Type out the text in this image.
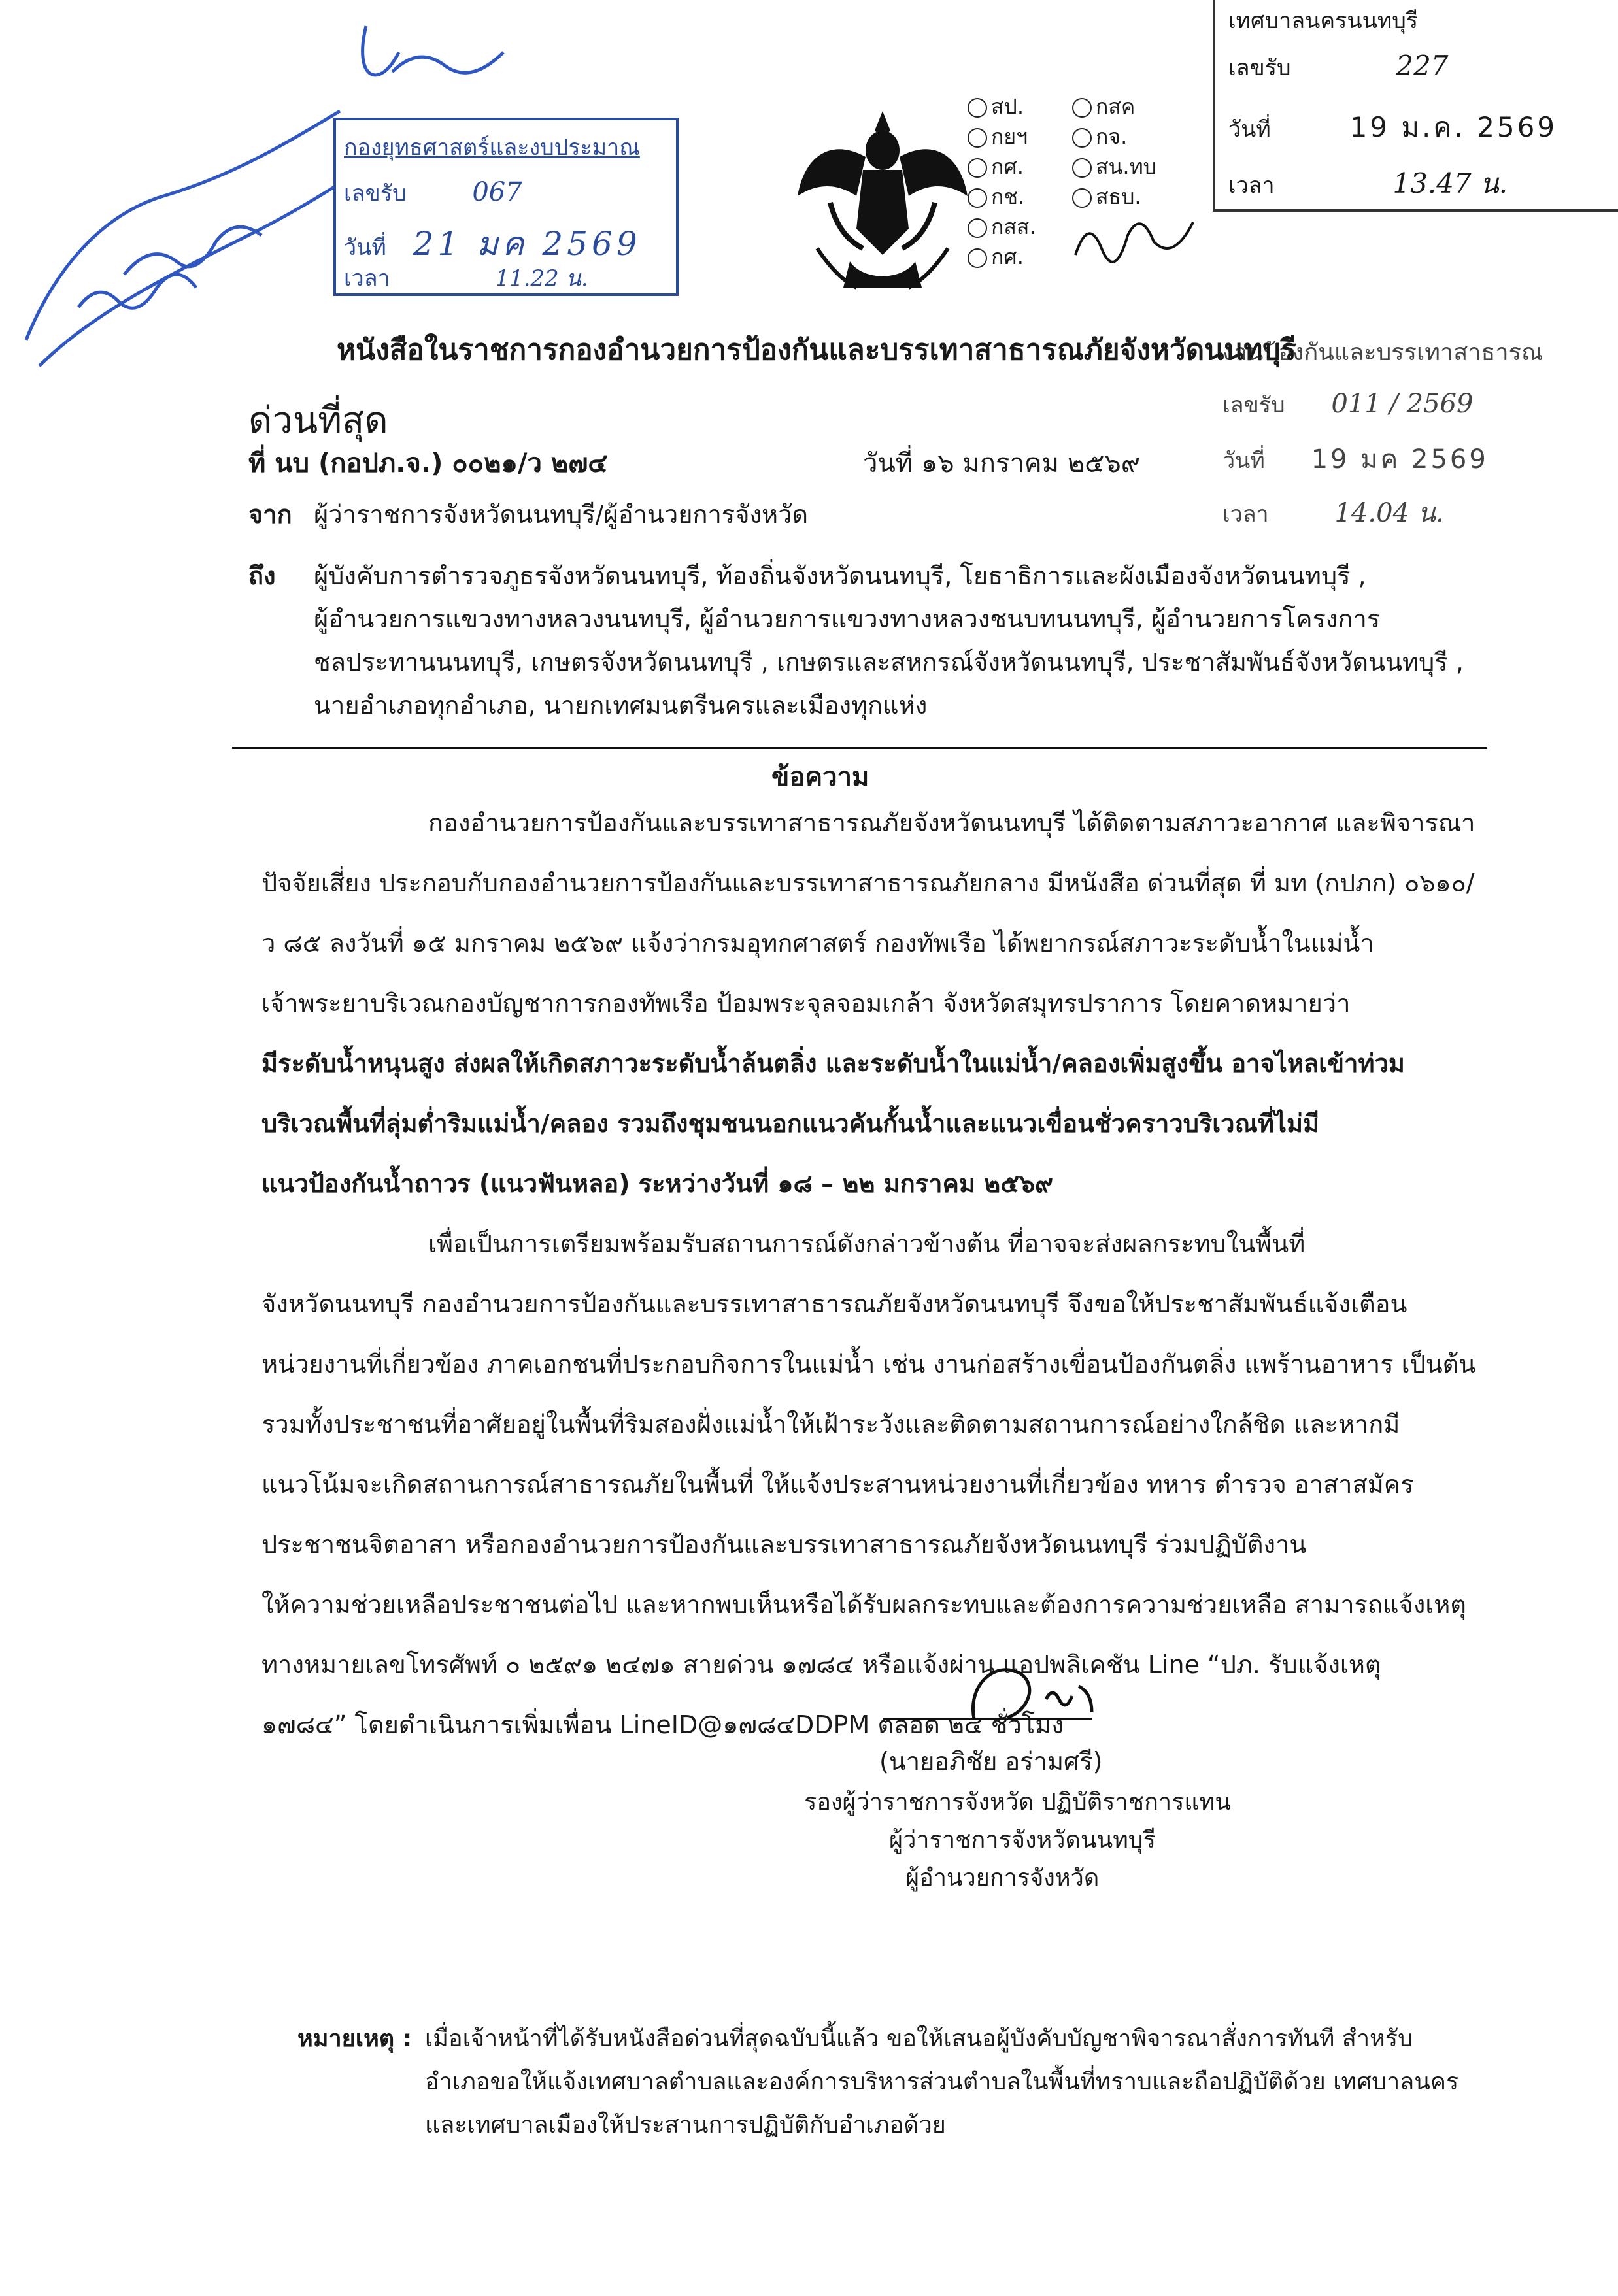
กองยุทธศาสตร์และงบประมาณ
เลขรับ	067
วันที่ 21 มค 2569
เวลา	11.22 น.
สป.
กยฯ
กศ.
กช.
กสส.
กศ.
กสค
กจ.
สน.ทบ
สธบ.
เทศบาลนครนนทบุรี
เลขรับ	227
วันที่	19 ม.ค. 2569
เวลา	13.47 น.
งานป้องกันและบรรเทาสาธารณ
เลขรับ 011 / 2569
วันที่ 19 มค 2569
เวลา	14.04 น.
หนังสือในราชการกองอำนวยการป้องกันและบรรเทาสาธารณภัยจังหวัดนนทบุรี
ด่วนที่สุด
ที่ นบ (กอปภ.จ.) ๐๐๒๑/ว ๒๗๔	วันที่ ๑๖ มกราคม ๒๕๖๙
จาก ผู้ว่าราชการจังหวัดนนทบุรี/ผู้อำนวยการจังหวัด
ถึง ผู้บังคับการตำรวจภูธรจังหวัดนนทบุรี, ท้องถิ่นจังหวัดนนทบุรี, โยธาธิการและผังเมืองจังหวัดนนทบุรี ,
ผู้อำนวยการแขวงทางหลวงนนทบุรี, ผู้อำนวยการแขวงทางหลวงชนบทนนทบุรี, ผู้อำนวยการโครงการ
ชลประทานนนทบุรี, เกษตรจังหวัดนนทบุรี , เกษตรและสหกรณ์จังหวัดนนทบุรี, ประชาสัมพันธ์จังหวัดนนทบุรี ,
นายอำเภอทุกอำเภอ, นายกเทศมนตรีนครและเมืองทุกแห่ง
ข้อความ
กองอำนวยการป้องกันและบรรเทาสาธารณภัยจังหวัดนนทบุรี ได้ติดตามสภาวะอากาศ และพิจารณา
ปัจจัยเสี่ยง ประกอบกับกองอำนวยการป้องกันและบรรเทาสาธารณภัยกลาง มีหนังสือ ด่วนที่สุด ที่ มท (กปภก) ๐๖๑๐/
ว ๘๕ ลงวันที่ ๑๕ มกราคม ๒๕๖๙ แจ้งว่ากรมอุทกศาสตร์ กองทัพเรือ ได้พยากรณ์สภาวะระดับน้ำในแม่น้ำ
เจ้าพระยาบริเวณกองบัญชาการกองทัพเรือ ป้อมพระจุลจอมเกล้า จังหวัดสมุทรปราการ โดยคาดหมายว่า
มีระดับน้ำหนุนสูง ส่งผลให้เกิดสภาวะระดับน้ำล้นตลิ่ง และระดับน้ำในแม่น้ำ/คลองเพิ่มสูงขึ้น อาจไหลเข้าท่วม
บริเวณพื้นที่ลุ่มต่ำริมแม่น้ำ/คลอง รวมถึงชุมชนนอกแนวคันกั้นน้ำและแนวเขื่อนชั่วคราวบริเวณที่ไม่มี
แนวป้องกันน้ำถาวร (แนวฟันหลอ) ระหว่างวันที่ ๑๘ – ๒๒ มกราคม ๒๕๖๙
เพื่อเป็นการเตรียมพร้อมรับสถานการณ์ดังกล่าวข้างต้น ที่อาจจะส่งผลกระทบในพื้นที่
จังหวัดนนทบุรี กองอำนวยการป้องกันและบรรเทาสาธารณภัยจังหวัดนนทบุรี จึงขอให้ประชาสัมพันธ์แจ้งเตือน
หน่วยงานที่เกี่ยวข้อง ภาคเอกชนที่ประกอบกิจการในแม่น้ำ เช่น งานก่อสร้างเขื่อนป้องกันตลิ่ง แพร้านอาหาร เป็นต้น
รวมทั้งประชาชนที่อาศัยอยู่ในพื้นที่ริมสองฝั่งแม่น้ำให้เฝ้าระวังและติดตามสถานการณ์อย่างใกล้ชิด และหากมี
แนวโน้มจะเกิดสถานการณ์สาธารณภัยในพื้นที่ ให้แจ้งประสานหน่วยงานที่เกี่ยวข้อง ทหาร ตำรวจ อาสาสมัคร
ประชาชนจิตอาสา หรือกองอำนวยการป้องกันและบรรเทาสาธารณภัยจังหวัดนนทบุรี ร่วมปฏิบัติงาน
ให้ความช่วยเหลือประชาชนต่อไป และหากพบเห็นหรือได้รับผลกระทบและต้องการความช่วยเหลือ สามารถแจ้งเหตุ
ทางหมายเลขโทรศัพท์ ๐ ๒๕๙๑ ๒๔๗๑ สายด่วน ๑๗๘๔ หรือแจ้งผ่าน แอปพลิเคชัน Line “ปภ. รับแจ้งเหตุ
๑๗๘๔” โดยดำเนินการเพิ่มเพื่อน LineID@๑๗๘๔DDPM ตลอด ๒๔ ชั่วโมง
(นายอภิชัย อร่ามศรี)
รองผู้ว่าราชการจังหวัด ปฏิบัติราชการแทน
ผู้ว่าราชการจังหวัดนนทบุรี
ผู้อำนวยการจังหวัด
หมายเหตุ : เมื่อเจ้าหน้าที่ได้รับหนังสือด่วนที่สุดฉบับนี้แล้ว ขอให้เสนอผู้บังคับบัญชาพิจารณาสั่งการทันที สำหรับ
อำเภอขอให้แจ้งเทศบาลตำบลและองค์การบริหารส่วนตำบลในพื้นที่ทราบและถือปฏิบัติด้วย เทศบาลนคร
และเทศบาลเมืองให้ประสานการปฏิบัติกับอำเภอด้วย
